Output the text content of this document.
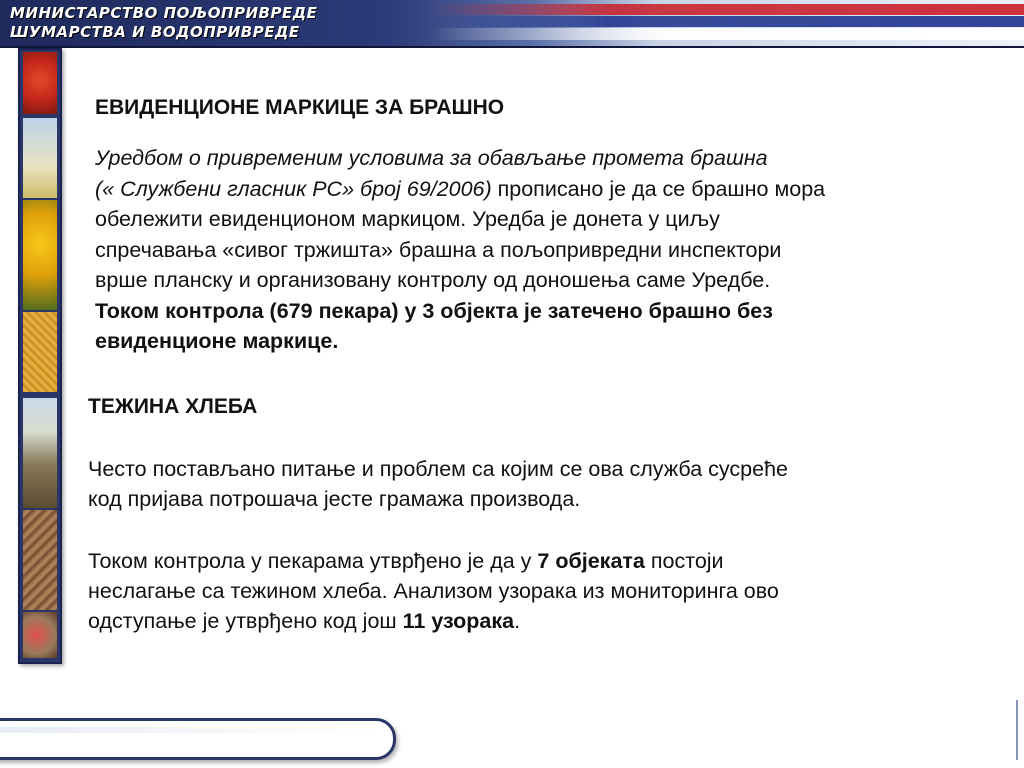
МИНИСТАРСТВО ПОЉОПРИВРЕДЕ
ШУМАРСТВА И ВОДОПРИВРЕДЕ
ЕВИДЕНЦИОНЕ МАРКИЦЕ ЗА БРАШНО
Уредбом о привременим условима за обављање промета брашна
(« Службени гласник РС» број 69/2006) прописано је да се брашно мора
обележити евиденционом маркицом. Уредба је донета у циљу
спречавања «сивог тржишта» брашна а пољопривредни инспектори
врше планску и организовану контролу од доношења саме Уредбе.
Током контрола (679 пекара) у 3 објекта је затечено брашно без
евиденционе маркице.
ТЕЖИНА ХЛЕБА
Често постављано питање и проблем са којим се ова служба сусреће
код пријава потрошача јесте грамажа производа.
Током контрола у пекарама утврђено је да у 7 објеката постоји
неслагање са тежином хлеба. Анализом узорака из мониторинга ово
одступање је утврђено код још 11 узорака.
